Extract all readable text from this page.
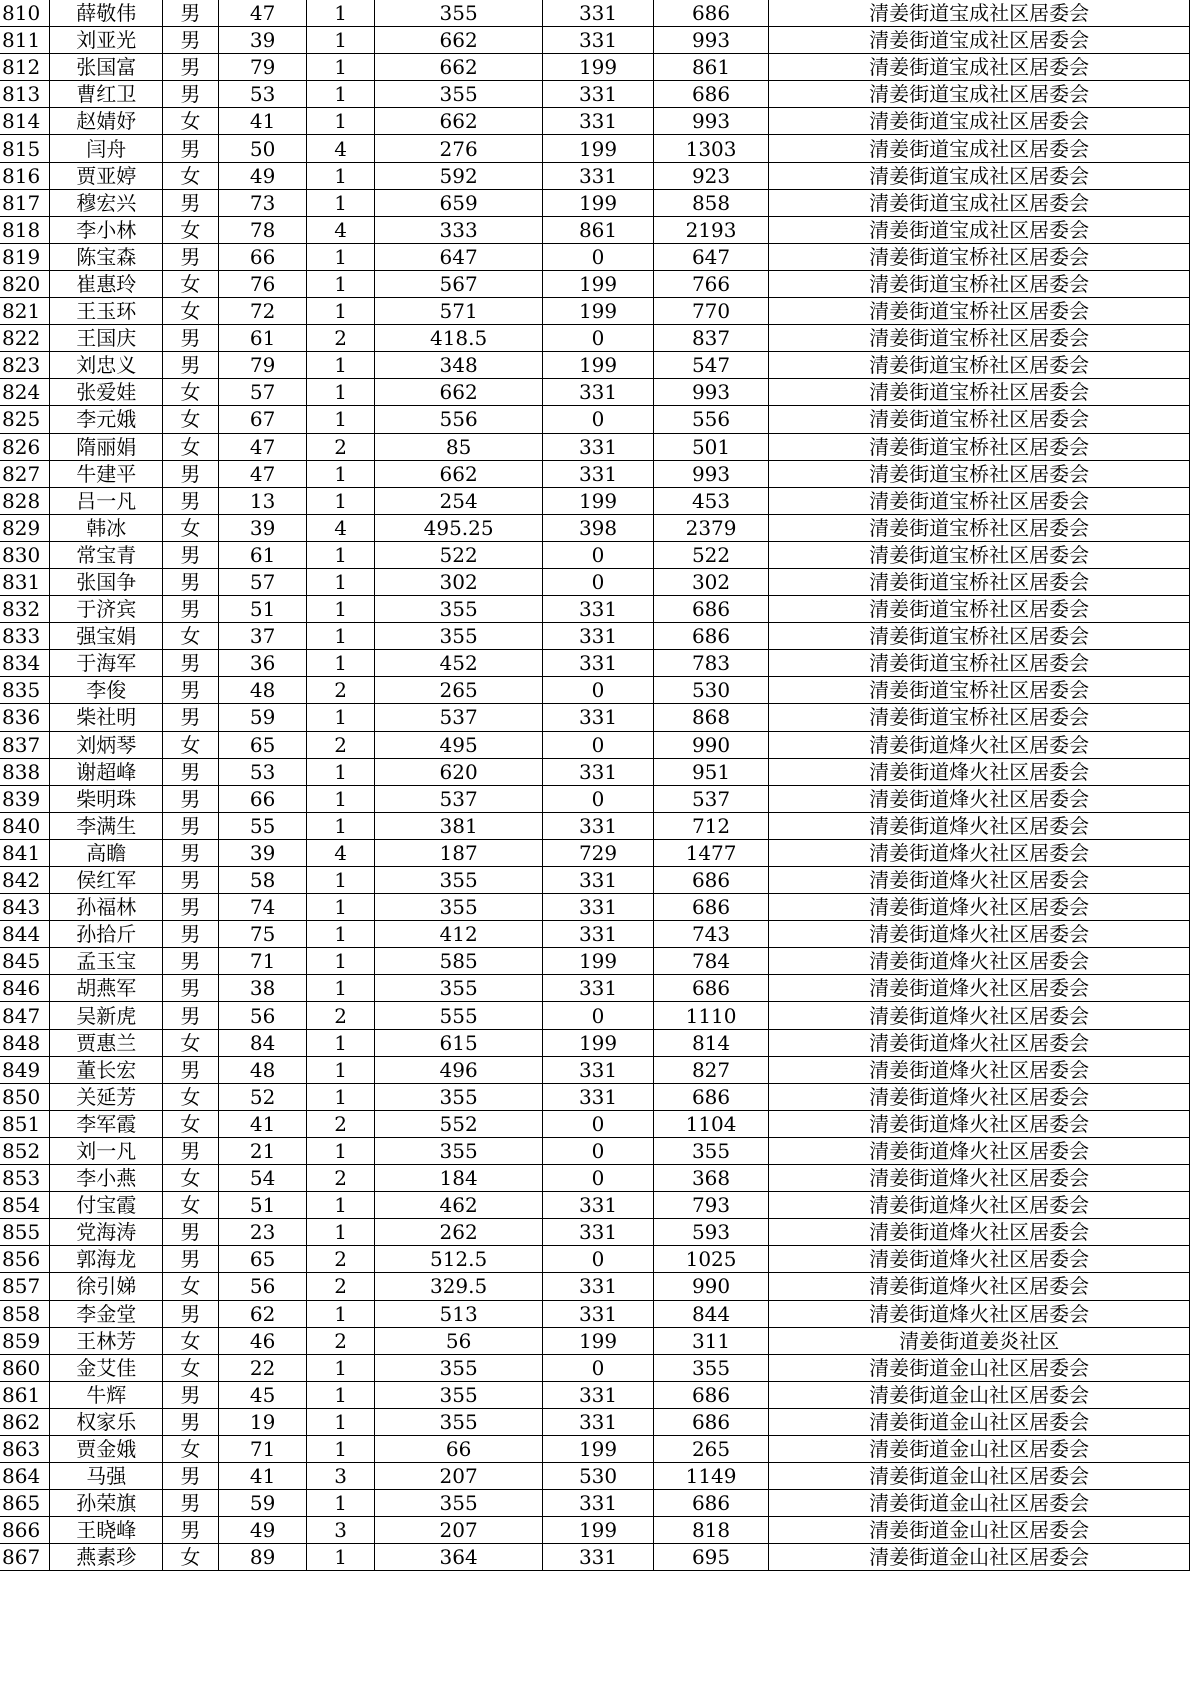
810	薛敬伟	男	47	1	355	331	686	清姜街道宝成社区居委会
811	刘亚光	男	39	1	662	331	993	清姜街道宝成社区居委会
812	张国富	男	79	1	662	199	861	清姜街道宝成社区居委会
813	曹红卫	男	53	1	355	331	686	清姜街道宝成社区居委会
814	赵婧妤	女	41	1	662	331	993	清姜街道宝成社区居委会
815	闫舟	男	50	4	276	199	1303	清姜街道宝成社区居委会
816	贾亚婷	女	49	1	592	331	923	清姜街道宝成社区居委会
817	穆宏兴	男	73	1	659	199	858	清姜街道宝成社区居委会
818	李小林	女	78	4	333	861	2193	清姜街道宝成社区居委会
819	陈宝森	男	66	1	647	0	647	清姜街道宝桥社区居委会
820	崔惠玲	女	76	1	567	199	766	清姜街道宝桥社区居委会
821	王玉环	女	72	1	571	199	770	清姜街道宝桥社区居委会
822	王国庆	男	61	2	418.5	0	837	清姜街道宝桥社区居委会
823	刘忠义	男	79	1	348	199	547	清姜街道宝桥社区居委会
824	张爱娃	女	57	1	662	331	993	清姜街道宝桥社区居委会
825	李元娥	女	67	1	556	0	556	清姜街道宝桥社区居委会
826	隋丽娟	女	47	2	85	331	501	清姜街道宝桥社区居委会
827	牛建平	男	47	1	662	331	993	清姜街道宝桥社区居委会
828	吕一凡	男	13	1	254	199	453	清姜街道宝桥社区居委会
829	韩冰	女	39	4	495.25	398	2379	清姜街道宝桥社区居委会
830	常宝青	男	61	1	522	0	522	清姜街道宝桥社区居委会
831	张国争	男	57	1	302	0	302	清姜街道宝桥社区居委会
832	于济宾	男	51	1	355	331	686	清姜街道宝桥社区居委会
833	强宝娟	女	37	1	355	331	686	清姜街道宝桥社区居委会
834	于海军	男	36	1	452	331	783	清姜街道宝桥社区居委会
835	李俊	男	48	2	265	0	530	清姜街道宝桥社区居委会
836	柴社明	男	59	1	537	331	868	清姜街道宝桥社区居委会
837	刘炳琴	女	65	2	495	0	990	清姜街道烽火社区居委会
838	谢超峰	男	53	1	620	331	951	清姜街道烽火社区居委会
839	柴明珠	男	66	1	537	0	537	清姜街道烽火社区居委会
840	李满生	男	55	1	381	331	712	清姜街道烽火社区居委会
841	高瞻	男	39	4	187	729	1477	清姜街道烽火社区居委会
842	侯红军	男	58	1	355	331	686	清姜街道烽火社区居委会
843	孙福林	男	74	1	355	331	686	清姜街道烽火社区居委会
844	孙拾斤	男	75	1	412	331	743	清姜街道烽火社区居委会
845	孟玉宝	男	71	1	585	199	784	清姜街道烽火社区居委会
846	胡燕军	男	38	1	355	331	686	清姜街道烽火社区居委会
847	吴新虎	男	56	2	555	0	1110	清姜街道烽火社区居委会
848	贾惠兰	女	84	1	615	199	814	清姜街道烽火社区居委会
849	董长宏	男	48	1	496	331	827	清姜街道烽火社区居委会
850	关延芳	女	52	1	355	331	686	清姜街道烽火社区居委会
851	李军霞	女	41	2	552	0	1104	清姜街道烽火社区居委会
852	刘一凡	男	21	1	355	0	355	清姜街道烽火社区居委会
853	李小燕	女	54	2	184	0	368	清姜街道烽火社区居委会
854	付宝霞	女	51	1	462	331	793	清姜街道烽火社区居委会
855	党海涛	男	23	1	262	331	593	清姜街道烽火社区居委会
856	郭海龙	男	65	2	512.5	0	1025	清姜街道烽火社区居委会
857	徐引娣	女	56	2	329.5	331	990	清姜街道烽火社区居委会
858	李金堂	男	62	1	513	331	844	清姜街道烽火社区居委会
859	王林芳	女	46	2	56	199	311	清姜街道姜炎社区
860	金艾佳	女	22	1	355	0	355	清姜街道金山社区居委会
861	牛辉	男	45	1	355	331	686	清姜街道金山社区居委会
862	权家乐	男	19	1	355	331	686	清姜街道金山社区居委会
863	贾金娥	女	71	1	66	199	265	清姜街道金山社区居委会
864	马强	男	41	3	207	530	1149	清姜街道金山社区居委会
865	孙荣旗	男	59	1	355	331	686	清姜街道金山社区居委会
866	王晓峰	男	49	3	207	199	818	清姜街道金山社区居委会
867	燕素珍	女	89	1	364	331	695	清姜街道金山社区居委会
